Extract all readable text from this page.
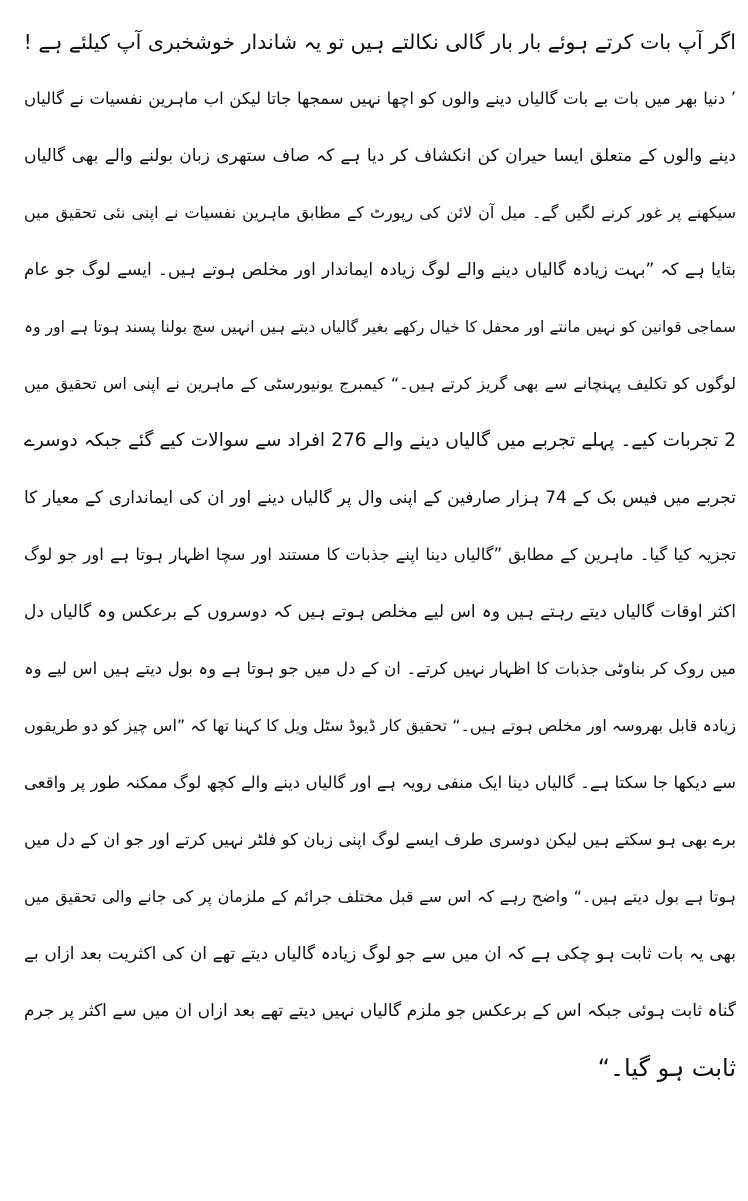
اگر آپ بات کرتے ہوئے بار بار گالی نکالتے ہیں تو یہ شاندار خوشخبری آپ کیلئے ہے !
’ دنیا بھر میں بات بے بات گالیاں دینے والوں کو اچھا نہیں سمجھا جاتا لیکن اب ماہرین نفسیات نے گالیاں
دینے والوں کے متعلق ایسا حیران کن انکشاف کر دیا ہے کہ صاف ستھری زبان بولنے والے بھی گالیاں
سیکھنے پر غور کرنے لگیں گے۔ میل آن لائن کی رپورٹ کے مطابق ماہرین نفسیات نے اپنی نئی تحقیق میں
بتایا ہے کہ ”بہت زیادہ گالیاں دینے والے لوگ زیادہ ایماندار اور مخلص ہوتے ہیں۔ ایسے لوگ جو عام
سماجی قوانین کو نہیں مانتے اور محفل کا خیال رکھے بغیر گالیاں دیتے ہیں انہیں سچ بولنا پسند ہوتا ہے اور وہ
لوگوں کو تکلیف پہنچانے سے بھی گریز کرتے ہیں۔“ کیمبرج یونیورسٹی کے ماہرین نے اپنی اس تحقیق میں
2 تجربات کیے۔ پہلے تجربے میں گالیاں دینے والے 276 افراد سے سوالات کیے گئے جبکہ دوسرے
تجربے میں فیس بک کے 74 ہزار صارفین کے اپنی وال پر گالیاں دینے اور ان کی ایمانداری کے معیار کا
تجزیہ کیا گیا۔ ماہرین کے مطابق ”گالیاں دینا اپنے جذبات کا مستند اور سچا اظہار ہوتا ہے اور جو لوگ
اکثر اوقات گالیاں دیتے رہتے ہیں وہ اس لیے مخلص ہوتے ہیں کہ دوسروں کے برعکس وہ گالیاں دل
میں روک کر بناوٹی جذبات کا اظہار نہیں کرتے۔ ان کے دل میں جو ہوتا ہے وہ بول دیتے ہیں اس لیے وہ
زیادہ قابل بھروسہ اور مخلص ہوتے ہیں۔“ تحقیق کار ڈیوڈ سٹل ویل کا کہنا تھا کہ ”اس چیز کو دو طریقوں
سے دیکھا جا سکتا ہے۔ گالیاں دینا ایک منفی رویہ ہے اور گالیاں دینے والے کچھ لوگ ممکنہ طور پر واقعی
برے بھی ہو سکتے ہیں لیکن دوسری طرف ایسے لوگ اپنی زبان کو فلٹر نہیں کرتے اور جو ان کے دل میں
ہوتا ہے بول دیتے ہیں۔“ واضح رہے کہ اس سے قبل مختلف جرائم کے ملزمان پر کی جانے والی تحقیق میں
بھی یہ بات ثابت ہو چکی ہے کہ ان میں سے جو لوگ زیادہ گالیاں دیتے تھے ان کی اکثریت بعد ازاں بے
گناہ ثابت ہوئی جبکہ اس کے برعکس جو ملزم گالیاں نہیں دیتے تھے بعد ازاں ان میں سے اکثر پر جرم
ثابت ہو گیا۔“
